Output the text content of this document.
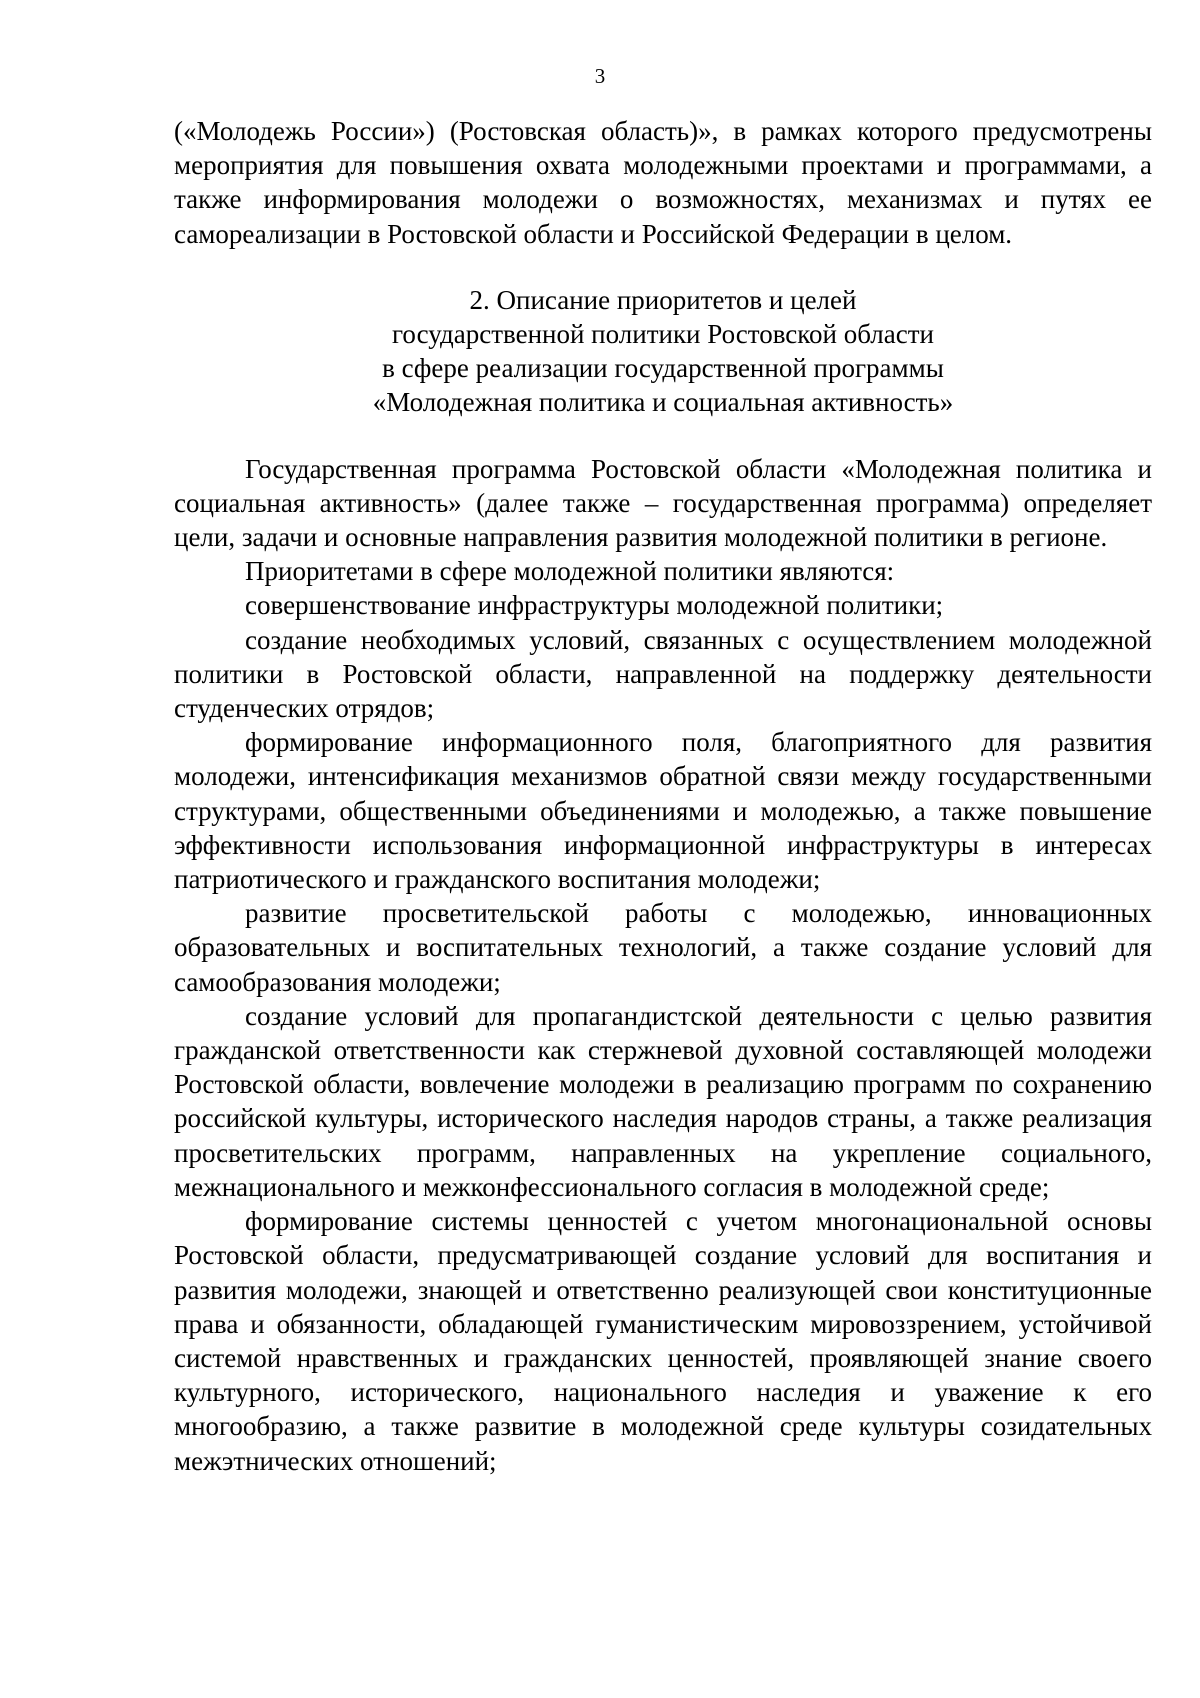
3

(«Молодежь России») (Ростовская область)», в рамках которого предусмотрены мероприятия для повышения охвата молодежными проектами и программами, а также информирования молодежи о возможностях, механизмах и путях ее самореализации в Ростовской области и Российской Федерации в целом.

2. Описание приоритетов и целей
государственной политики Ростовской области
в сфере реализации государственной программы
«Молодежная политика и социальная активность»

Государственная программа Ростовской области «Молодежная политика и социальная активность» (далее также – государственная программа) определяет цели, задачи и основные направления развития молодежной политики в регионе.

Приоритетами в сфере молодежной политики являются:

совершенствование инфраструктуры молодежной политики;

создание необходимых условий, связанных с осуществлением молодежной политики в Ростовской области, направленной на поддержку деятельности студенческих отрядов;

формирование информационного поля, благоприятного для развития молодежи, интенсификация механизмов обратной связи между государственными структурами, общественными объединениями и молодежью, а также повышение эффективности использования информационной инфраструктуры в интересах патриотического и гражданского воспитания молодежи;

развитие просветительской работы с молодежью, инновационных образовательных и воспитательных технологий, а также создание условий для самообразования молодежи;

создание условий для пропагандистской деятельности с целью развития гражданской ответственности как стержневой духовной составляющей молодежи Ростовской области, вовлечение молодежи в реализацию программ по сохранению российской культуры, исторического наследия народов страны, а также реализация просветительских программ, направленных на укрепление социального, межнационального и межконфессионального согласия в молодежной среде;

формирование системы ценностей с учетом многонациональной основы Ростовской области, предусматривающей создание условий для воспитания и развития молодежи, знающей и ответственно реализующей свои конституционные права и обязанности, обладающей гуманистическим мировоззрением, устойчивой системой нравственных и гражданских ценностей, проявляющей знание своего культурного, исторического, национального наследия и уважение к его многообразию, а также развитие в молодежной среде культуры созидательных межэтнических отношений;
